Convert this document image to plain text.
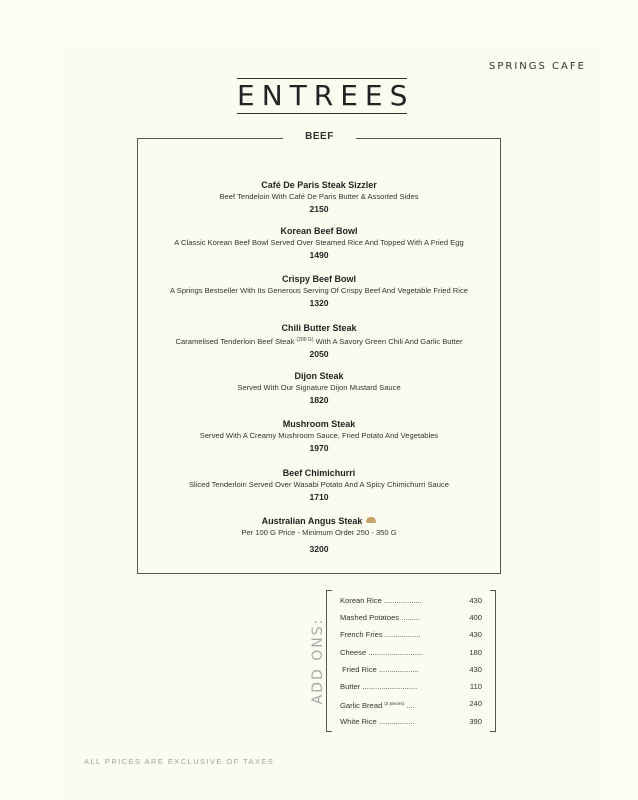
SPRINGS CAFE
ENTREES
BEEF
Café De Paris Steak Sizzler
Beef Tendeloin With Café De Paris Butter & Assorted Sides
2150
Korean Beef Bowl
A Classic Korean Beef Bowl Served Over Steamed Rice And Topped With A Fried Egg
1490
Crispy Beef Bowl
A Springs Bestseller With Its Generous Serving Of Crispy Beef And Vegetable Fried Rice
1320
Chili Butter Steak
Caramelised Tenderloin Beef Steak $^{(200 G)}$ With A Savory Green Chili And Garlic Butter
2050
Dijon Steak
Served With Our Signature Dijon Mustard Sauce
1820
Mushroom Steak
Served With A Creamy Mushroom Sauce, Fried Potato And Vegetables
1970
Beef Chimichurri
Sliced Tenderloin Served Over Wasabi Potato And A Spicy Chimichurri Sauce
1710
Australian Angus Steak
Per 100 G Price - Minimum Order 250 - 350 G
3200
ADD ONS:
Korean Rice ..................	430
Mashed Potatoes .........	400
French Fries .................	430
Cheese ..........................	180
Fried Rice ...................	430
Butter ..........................	110
Garlic Bread $^{(2 pieces)}$ ....	240
White Rice .................	390
ALL PRICES ARE EXCLUSIVE OF TAXES
